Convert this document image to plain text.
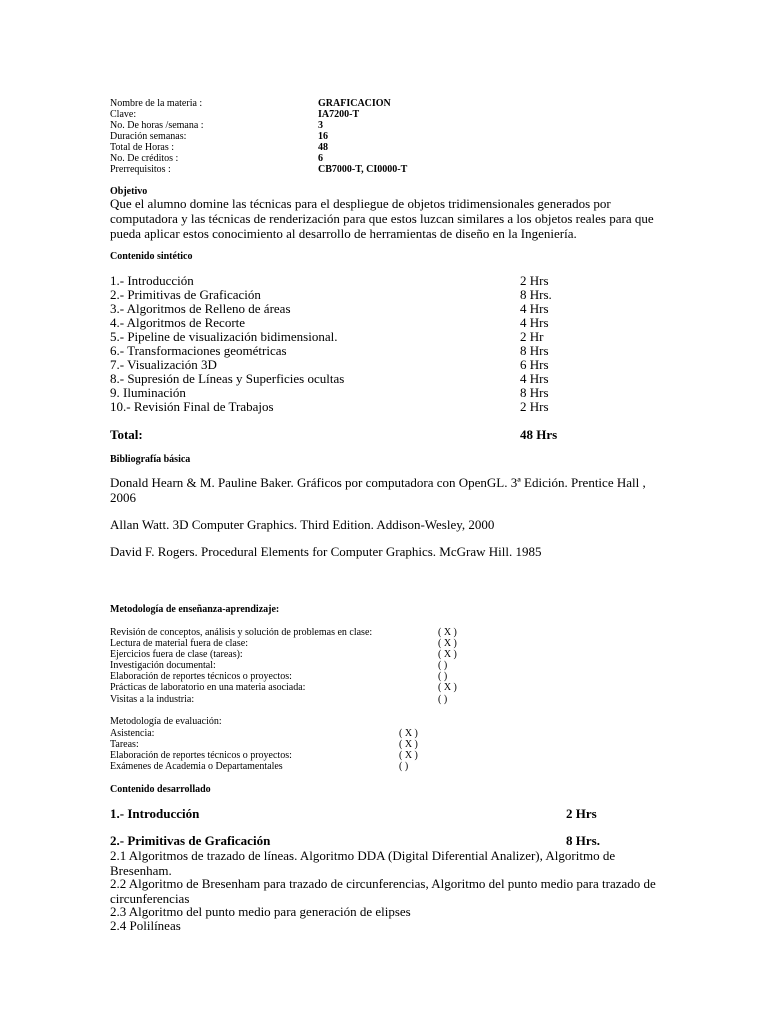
Nombre de la materia :	GRAFICACION
Clave:	IA7200-T
No. De horas /semana :	3
Duración semanas:	16
Total de Horas :	48
No. De créditos :	6
Prerrequisitos :	CB7000-T, CI0000-T
Objetivo
Que el alumno domine las técnicas para el despliegue de objetos tridimensionales generados por computadora y las técnicas de renderización para que estos luzcan similares a los objetos reales para que pueda aplicar estos conocimiento al desarrollo de herramientas de diseño en la Ingeniería.
Contenido sintético
1.- Introducción	2 Hrs
2.- Primitivas de Graficación	8 Hrs.
3.- Algoritmos de Relleno de áreas	4 Hrs
4.- Algoritmos de Recorte	4 Hrs
5.- Pipeline de visualización bidimensional.	2 Hr
6.- Transformaciones geométricas	8 Hrs
7.- Visualización 3D	6 Hrs
8.- Supresión de Líneas y Superficies ocultas	4 Hrs
9. Iluminación	8 Hrs
10.- Revisión Final de Trabajos	2 Hrs
Total:	48 Hrs
Bibliografía básica
Donald Hearn & M. Pauline Baker. Gráficos por computadora con OpenGL. 3ª Edición. Prentice Hall , 2006
Allan Watt. 3D Computer Graphics. Third Edition. Addison-Wesley, 2000
David F. Rogers. Procedural Elements for Computer Graphics. McGraw Hill. 1985
Metodología de enseñanza-aprendizaje:
Revisión de conceptos, análisis y solución de problemas en clase:	( X )
Lectura de material fuera de clase:	( X )
Ejercicios fuera de clase (tareas):	( X )
Investigación documental:	( )
Elaboración de reportes técnicos o proyectos:	( )
Prácticas de laboratorio en una materia asociada:	( X )
Visitas a la industria:	( )
Metodología de evaluación:
Asistencia:	( X )
Tareas:	( X )
Elaboración de reportes técnicos o proyectos:	( X )
Exámenes de Academia o Departamentales	( )
Contenido desarrollado
1.- Introducción	2 Hrs
2.- Primitivas de Graficación	8 Hrs.
2.1 Algoritmos de trazado de líneas. Algoritmo DDA (Digital Diferential Analizer), Algoritmo de Bresenham.
2.2 Algoritmo de Bresenham para trazado de circunferencias, Algoritmo del punto medio para trazado de circunferencias
2.3 Algoritmo del punto medio para generación de elipses
2.4 Polilíneas
